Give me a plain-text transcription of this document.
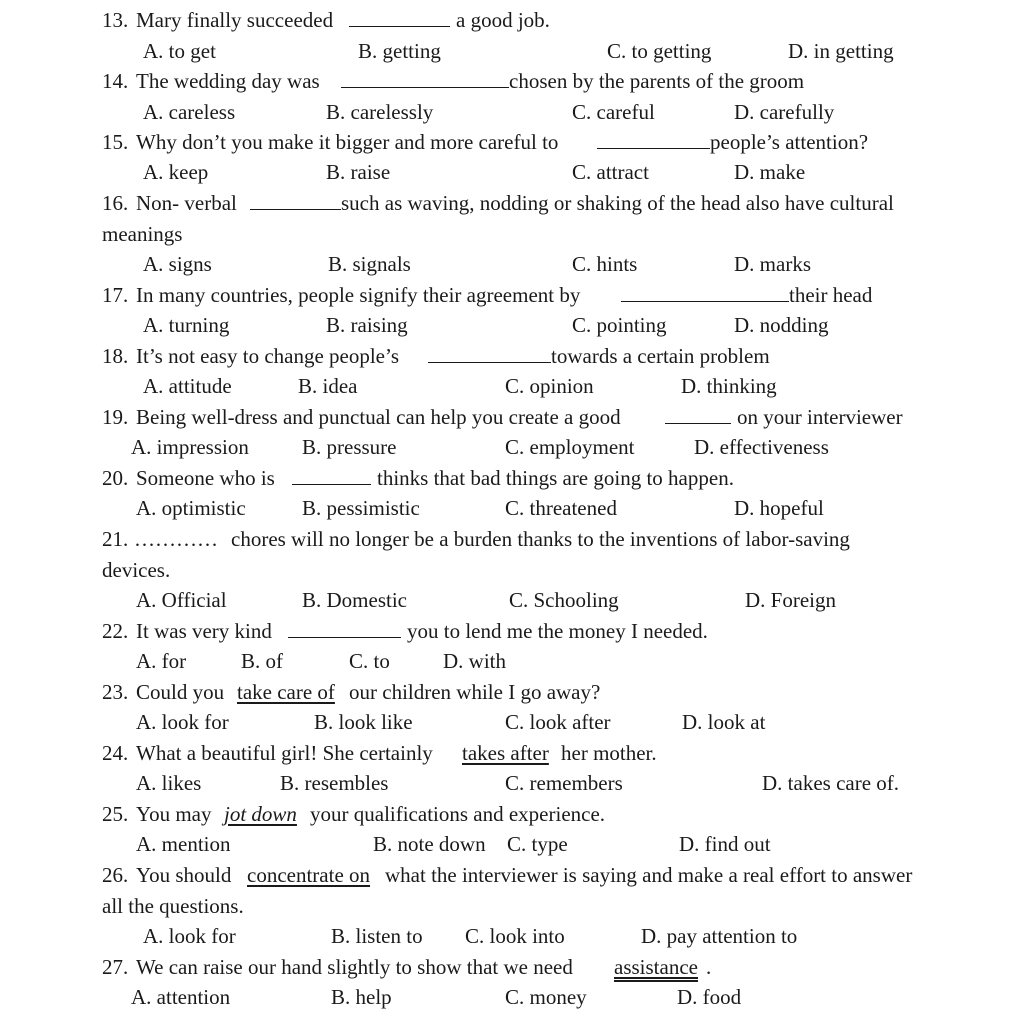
13. Mary finally succeeded	a good job.
A. to get	B. getting	C. to getting	D. in getting
14. The wedding day was	chosen by the parents of the groom
A. careless	B. carelessly	C. careful	D. carefully
15. Why don’t you make it bigger and more careful to	people’s attention?
A. keep	B. raise	C. attract	D. make
16. Non- verbal	such as waving, nodding or shaking of the head also have cultural
meanings
A. signs	B. signals	C. hints	D. marks
17. In many countries, people signify their agreement by	their head
A. turning	B. raising	C. pointing	D. nodding
18. It’s not easy to change people’s	towards a certain problem
A. attitude	B. idea	C. opinion	D. thinking
19. Being well-dress and punctual can help you create a good	on your interviewer
A. impression	B. pressure	C. employment	D. effectiveness
20. Someone who is	thinks that bad things are going to happen.
A. optimistic	B. pessimistic	C. threatened	D. hopeful
21. ………… chores will no longer be a burden thanks to the inventions of labor-saving
devices.
A. Official	B. Domestic	C. Schooling	D. Foreign
22. It was very kind	you to lend me the money I needed.
A. for	B. of	C. to	D. with
23. Could you take care of our children while I go away?
A. look for	B. look like	C. look after	D. look at
24. What a beautiful girl! She certainly takes after her mother.
A. likes	B. resembles	C. remembers	D. takes care of.
25. You may jot down your qualifications and experience.
A. mention	B. note down C. type	D. find out
26. You should concentrate on what the interviewer is saying and make a real effort to answer
all the questions.
A. look for	B. listen to C. look into	D. pay attention to
27. We can raise our hand slightly to show that we need assistance .
A. attention	B. help	C. money	D. food
